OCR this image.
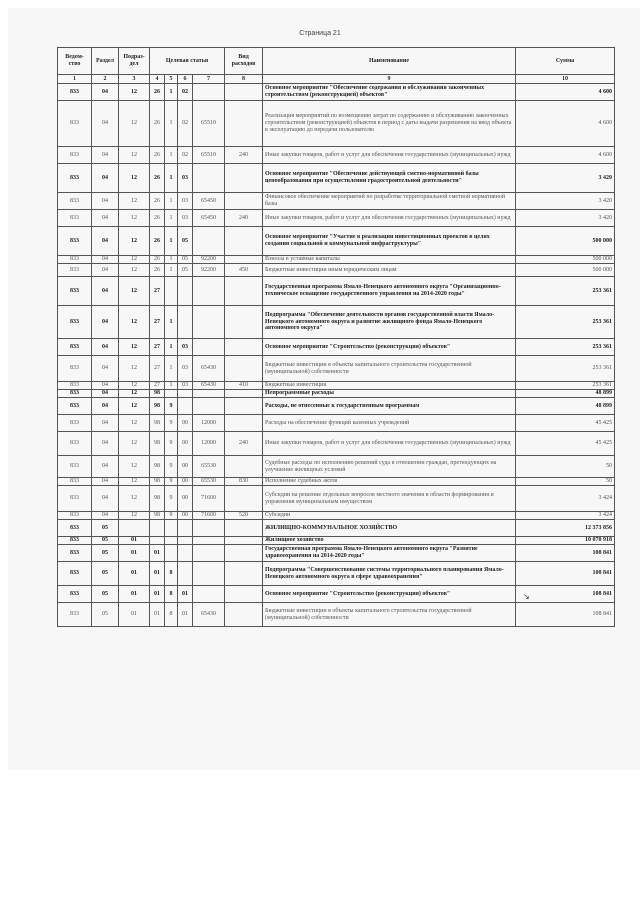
Страница 21
Ведом-ство	Раздел	Подраз-дел	Целевая статья				Вид расходов	Наименование	Сумма
1	2	3	4	5	6	7	8	9	10
833	04	12	26	1	02			Основное мероприятие "Обеспечение содержания и обслуживания законченных строительством (реконструкцией) объектов"	4 600
833	04	12	26	1	02	65510		Реализация мероприятий по возмещению затрат по содержанию и обслуживанию законченных строительством (реконструкцией) объектов в период с даты выдачи разрешения на ввод объекта в эксплуатацию до передачи пользователю	4 600
833	04	12	26	1	02	65510	240	Иные закупки товаров, работ и услуг для обеспечения государственных (муниципальных) нужд	4 600
833	04	12	26	1	03			Основное мероприятие "Обеспечение действующей сметно-нормативной базы ценообразования при осуществлении градостроительной деятельности"	3 420
833	04	12	26	1	03	65450		Финансовое обеспечение мероприятий по разработке территориальной сметной нормативной базы	3 420
833	04	12	26	1	03	65450	240	Иные закупки товаров, работ и услуг для обеспечения государственных (муниципальных) нужд	3 420
833	04	12	26	1	05			Основное мероприятие "Участие в реализации инвестиционных проектов в целях создания социальной и коммунальной инфраструктуры"	500 000
833	04	12	26	1	05	92200		Взносы в уставные капиталы	500 000
833	04	12	26	1	05	92200	450	Бюджетные инвестиции иным юридическим лицам	500 000
833	04	12	27					Государственная программа Ямало-Ненецкого автономного округа "Организационно-техническое оснащение государственного управления на 2014-2020 годы"	253 361
833	04	12	27	1				Подпрограмма "Обеспечение деятельности органов государственной власти Ямало-Ненецкого автономного округа и развитие жилищного фонда Ямало-Ненецкого автономного округа"	253 361
833	04	12	27	1	03			Основное мероприятие "Строительство (реконструкция) объектов"	253 361
833	04	12	27	1	03	65430		Бюджетные инвестиции в объекты капитального строительства государственной (муниципальной) собственности	253 361
833	04	12	27	1	03	65430	410	Бюджетные инвестиции	253 361
833	04	12	98					Непрограммные расходы	48 899
833	04	12	98	9				Расходы, не отнесенные к государственным программам	48 899
833	04	12	98	9	00	12000		Расходы на обеспечение функций казенных учреждений	45 425
833	04	12	98	9	00	12000	240	Иные закупки товаров, работ и услуг для обеспечения государственных (муниципальных) нужд	45 425
833	04	12	98	9	00	65530		Судебные расходы по исполнению решений суда в отношении граждан, претендующих на улучшение жилищных условий	50
833	04	12	98	9	00	65530	830	Исполнение судебных актов	50
833	04	12	98	9	00	71600		Субсидии на решение отдельных вопросов местного значения в области формирования и управления муниципальным имуществом	3 424
833	04	12	98	9	00	71600	520	Субсидии	3 424
833	05							ЖИЛИЩНО-КОММУНАЛЬНОЕ ХОЗЯЙСТВО	12 373 856
833	05	01						Жилищное хозяйство	10 070 918
833	05	01	01					Государственная программа Ямало-Ненецкого автономного округа "Развитие здравоохранения на 2014-2020 годы"	108 841
833	05	01	01	8				Подпрограмма "Совершенствование системы территориального планирования Ямало-Ненецкого автономного округа в сфере здравоохранения"	108 841
833	05	01	01	8	01			Основное мероприятие "Строительство (реконструкция) объектов"	108 841
833	05	01	01	8	01	65430		Бюджетные инвестиции в объекты капитального строительства государственной (муниципальной) собственности	108 841
↘
